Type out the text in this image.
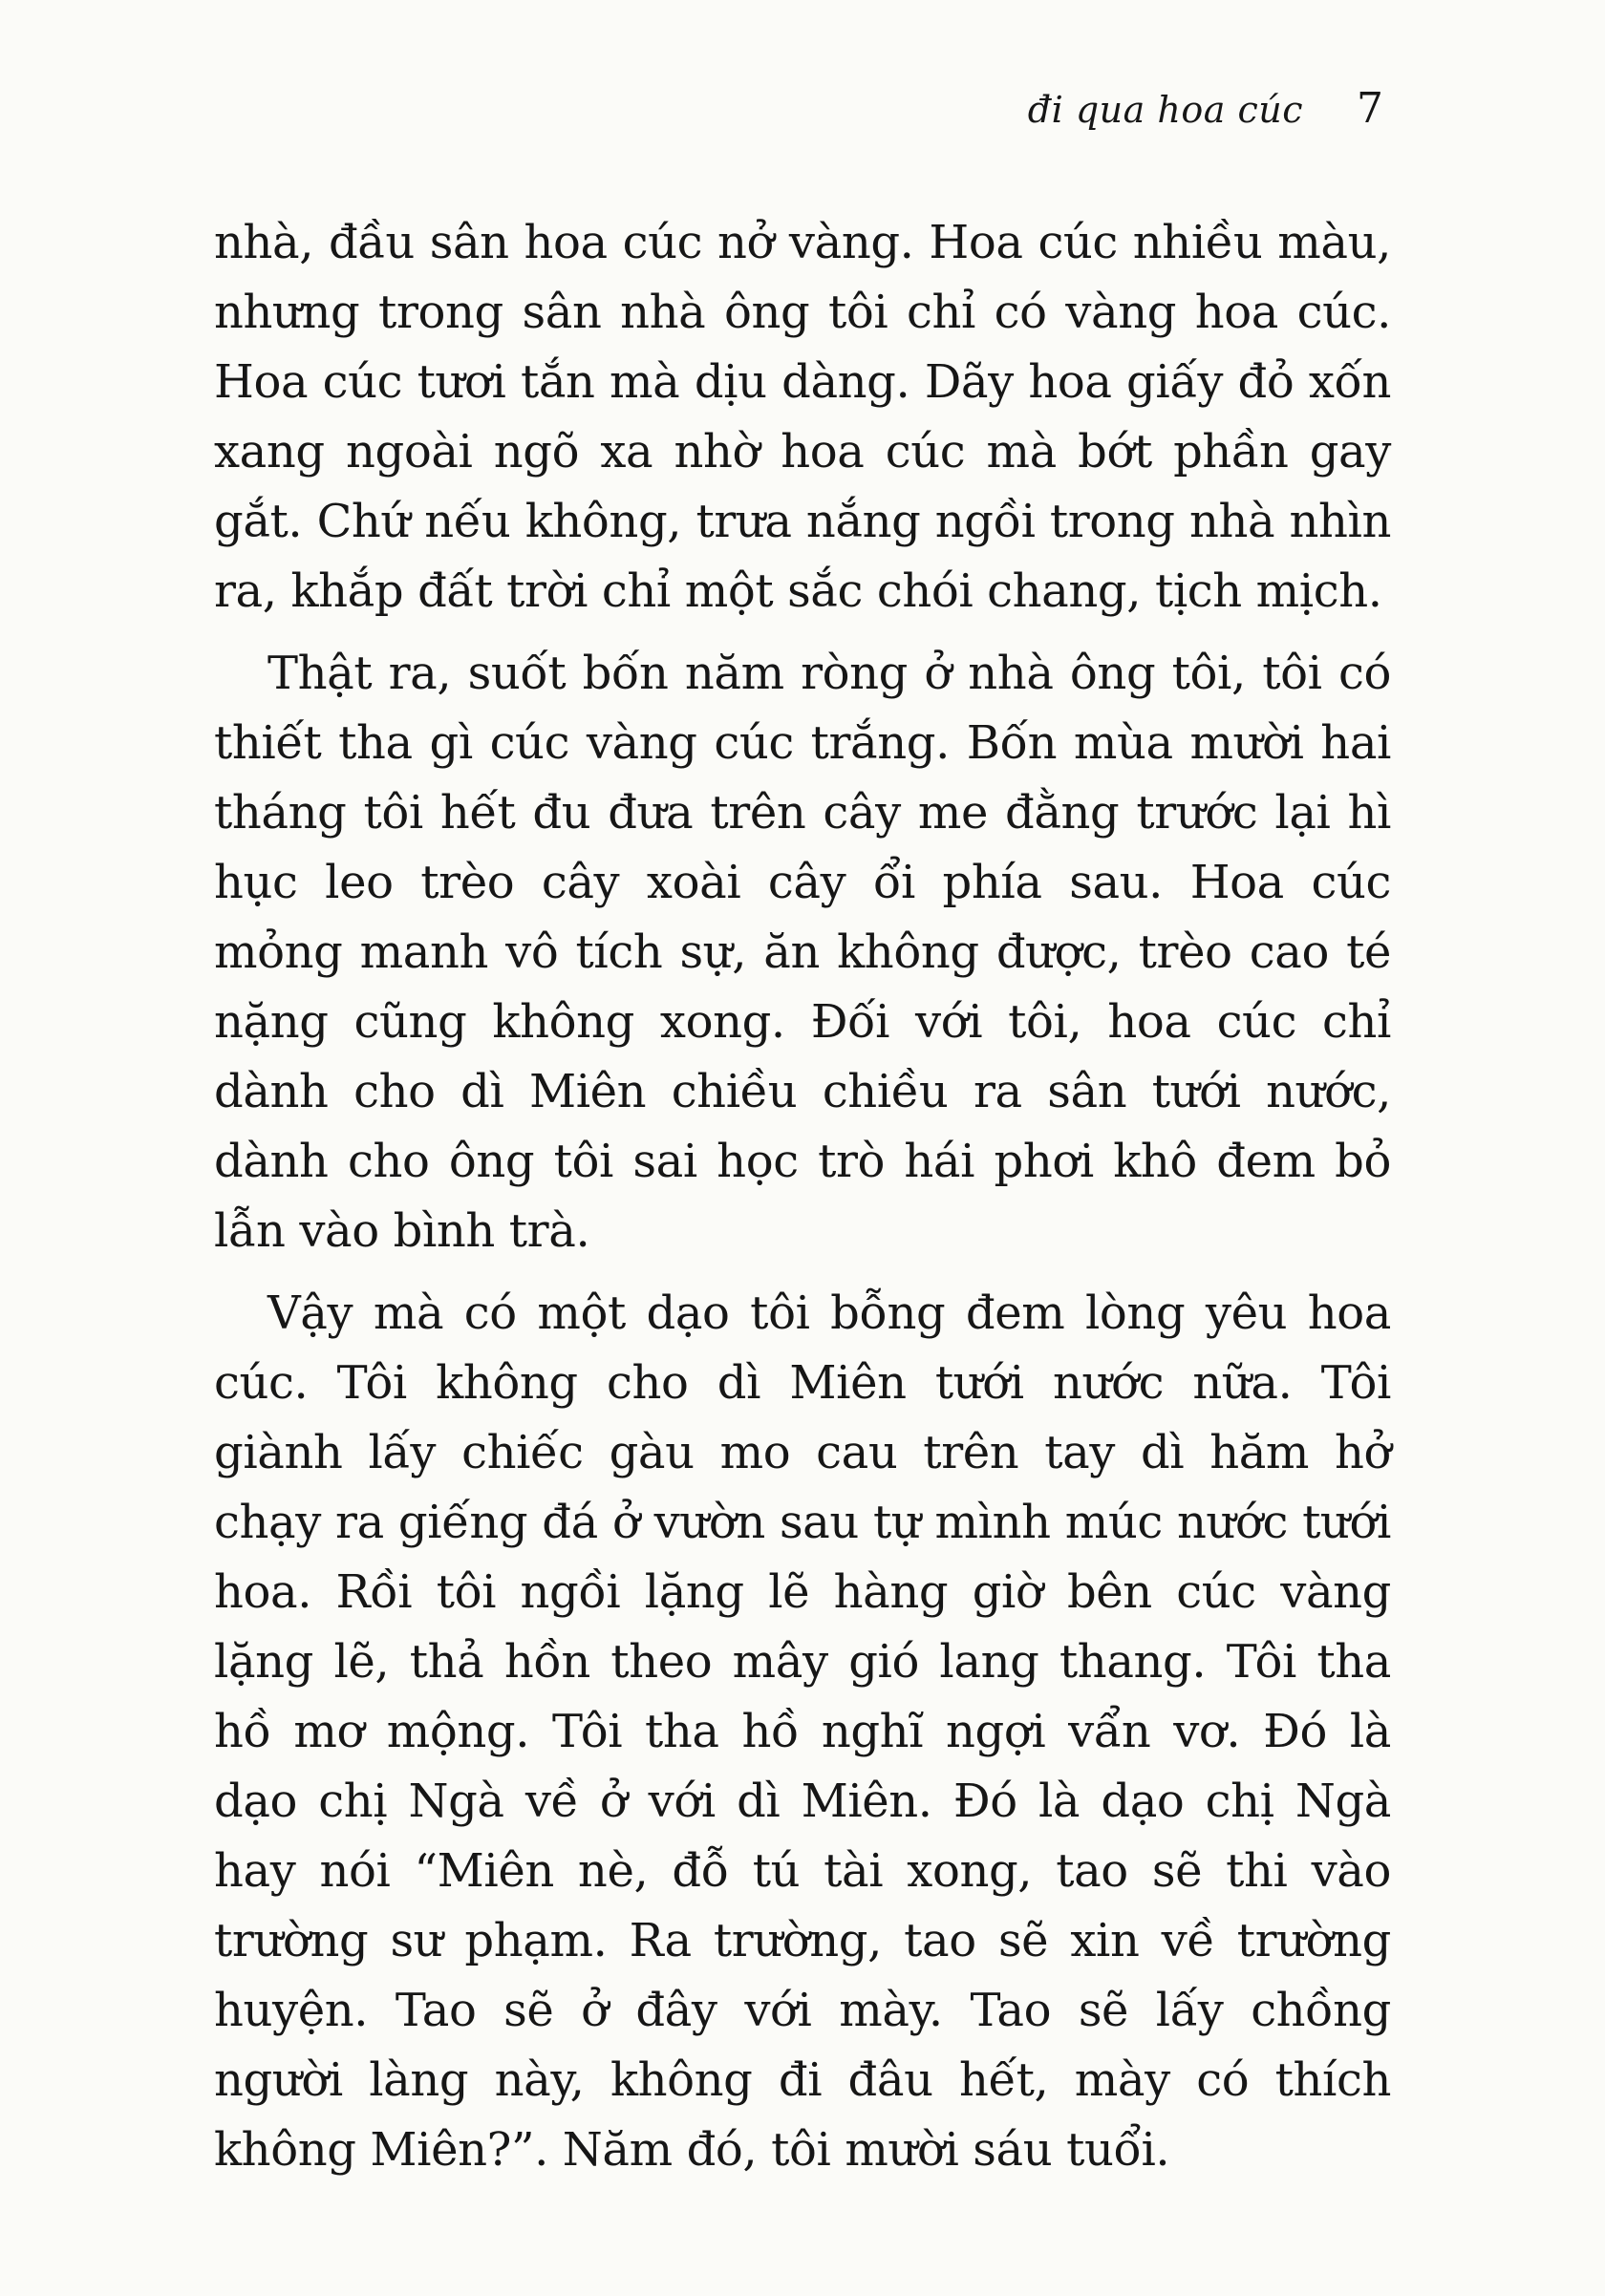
đi qua hoa cúc 7

nhà, đầu sân hoa cúc nở vàng. Hoa cúc nhiều màu, nhưng trong sân nhà ông tôi chỉ có vàng hoa cúc. Hoa cúc tươi tắn mà dịu dàng. Dãy hoa giấy đỏ xốn xang ngoài ngõ xa nhờ hoa cúc mà bớt phần gay gắt. Chứ nếu không, trưa nắng ngồi trong nhà nhìn ra, khắp đất trời chỉ một sắc chói chang, tịch mịch.

Thật ra, suốt bốn năm ròng ở nhà ông tôi, tôi có thiết tha gì cúc vàng cúc trắng. Bốn mùa mười hai tháng tôi hết đu đưa trên cây me đằng trước lại hì hục leo trèo cây xoài cây ổi phía sau. Hoa cúc mỏng manh vô tích sự, ăn không được, trèo cao té nặng cũng không xong. Đối với tôi, hoa cúc chỉ dành cho dì Miên chiều chiều ra sân tưới nước, dành cho ông tôi sai học trò hái phơi khô đem bỏ lẫn vào bình trà.

Vậy mà có một dạo tôi bỗng đem lòng yêu hoa cúc. Tôi không cho dì Miên tưới nước nữa. Tôi giành lấy chiếc gàu mo cau trên tay dì hăm hở chạy ra giếng đá ở vườn sau tự mình múc nước tưới hoa. Rồi tôi ngồi lặng lẽ hàng giờ bên cúc vàng lặng lẽ, thả hồn theo mây gió lang thang. Tôi tha hồ mơ mộng. Tôi tha hồ nghĩ ngợi vẩn vơ. Đó là dạo chị Ngà về ở với dì Miên. Đó là dạo chị Ngà hay nói “Miên nè, đỗ tú tài xong, tao sẽ thi vào trường sư phạm. Ra trường, tao sẽ xin về trường huyện. Tao sẽ ở đây với mày. Tao sẽ lấy chồng người làng này, không đi đâu hết, mày có thích không Miên?”. Năm đó, tôi mười sáu tuổi.
